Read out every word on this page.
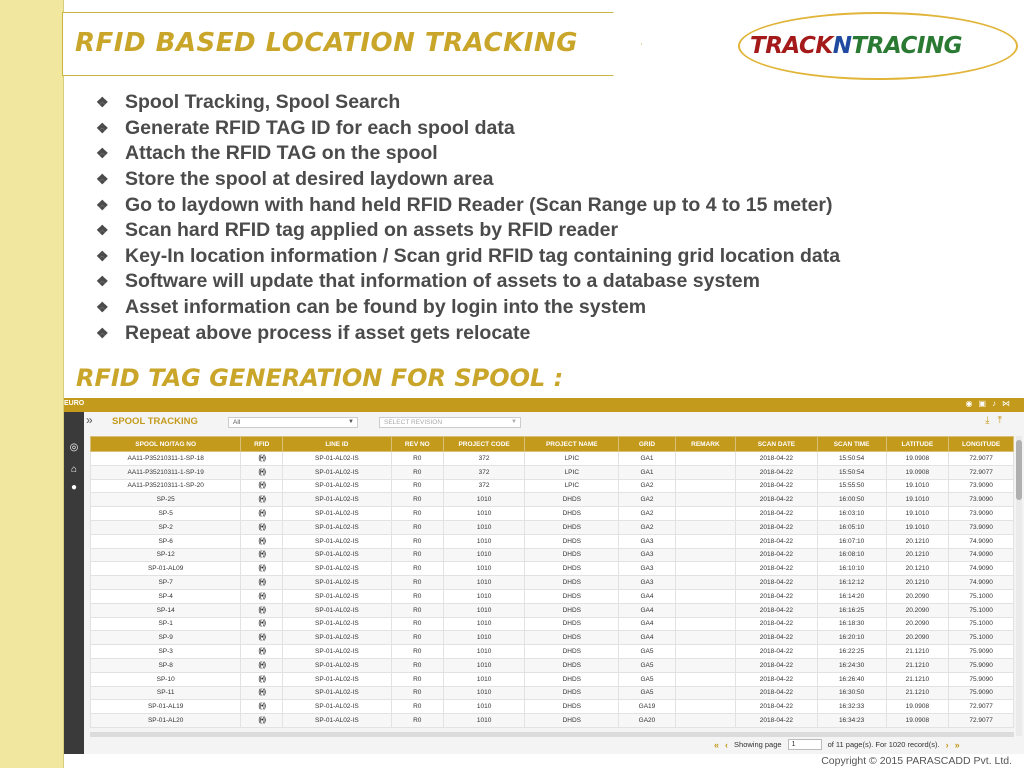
RFID BASED LOCATION TRACKING	TRACKNTRACING
❖ Spool Tracking, Spool Search
❖ Generate RFID TAG ID for each spool data
❖ Attach the RFID TAG on the spool
❖ Store the spool at desired laydown area
❖ Go to laydown with hand held RFID Reader (Scan Range up to 4 to 15 meter)
❖ Scan hard RFID tag applied on assets by RFID reader
❖ Key-In location information / Scan grid RFID tag containing grid location data
❖ Software will update that information of assets to a database system
❖ Asset information can be found by login into the system
❖ Repeat above process if asset gets relocate
RFID TAG GENERATION FOR SPOOL :
◉▣♪⋈
◎
⌂
●
EURO
» SPOOL TRACKING	All	▼	SELECT REVISION	▼	⤓⤒
SPOOL NO/TAG NO	RFID	LINE ID	REV NO	PROJECT CODE	PROJECT NAME	GRID	REMARK	SCAN DATE	SCAN TIME	LATITUDE	LONGITUDE
AA11-P35210311-1-SP-18	((•))	SP-01-AL02-IS	R0	372	LPIC	GA1		2018-04-22	15:50:54	19.0908	72.9077
AA11-P35210311-1-SP-19	((•))	SP-01-AL02-IS	R0	372	LPIC	GA1		2018-04-22	15:50:54	19.0908	72.9077
AA11-P35210311-1-SP-20	((•))	SP-01-AL02-IS	R0	372	LPIC	GA2		2018-04-22	15:55:50	19.1010	73.9090
SP-25	((•))	SP-01-AL02-IS	R0	1010	DHDS	GA2		2018-04-22	16:00:50	19.1010	73.9090
SP-5	((•))	SP-01-AL02-IS	R0	1010	DHDS	GA2		2018-04-22	16:03:10	19.1010	73.9090
SP-2	((•))	SP-01-AL02-IS	R0	1010	DHDS	GA2		2018-04-22	16:05:10	19.1010	73.9090
SP-6	((•))	SP-01-AL02-IS	R0	1010	DHDS	GA3		2018-04-22	16:07:10	20.1210	74.9090
SP-12	((•))	SP-01-AL02-IS	R0	1010	DHDS	GA3		2018-04-22	16:08:10	20.1210	74.9090
SP-01-AL09	((•))	SP-01-AL02-IS	R0	1010	DHDS	GA3		2018-04-22	16:10:10	20.1210	74.9090
SP-7	((•))	SP-01-AL02-IS	R0	1010	DHDS	GA3		2018-04-22	16:12:12	20.1210	74.9090
SP-4	((•))	SP-01-AL02-IS	R0	1010	DHDS	GA4		2018-04-22	16:14:20	20.2090	75.1000
SP-14	((•))	SP-01-AL02-IS	R0	1010	DHDS	GA4		2018-04-22	16:16:25	20.2090	75.1000
SP-1	((•))	SP-01-AL02-IS	R0	1010	DHDS	GA4		2018-04-22	16:18:30	20.2090	75.1000
SP-9	((•))	SP-01-AL02-IS	R0	1010	DHDS	GA4		2018-04-22	16:20:10	20.2090	75.1000
SP-3	((•))	SP-01-AL02-IS	R0	1010	DHDS	GA5		2018-04-22	16:22:25	21.1210	75.9090
SP-8	((•))	SP-01-AL02-IS	R0	1010	DHDS	GA5		2018-04-22	16:24:30	21.1210	75.9090
SP-10	((•))	SP-01-AL02-IS	R0	1010	DHDS	GA5		2018-04-22	16:26:40	21.1210	75.9090
SP-11	((•))	SP-01-AL02-IS	R0	1010	DHDS	GA5		2018-04-22	16:30:50	21.1210	75.9090
SP-01-AL19	((•))	SP-01-AL02-IS	R0	1010	DHDS	GA19		2018-04-22	16:32:33	19.0908	72.9077
SP-01-AL20	((•))	SP-01-AL02-IS	R0	1010	DHDS	GA20		2018-04-22	16:34:23	19.0908	72.9077
« ‹ Showing page	1	of 11 page(s). For 1020 record(s). › »
Copyright © 2015 PARASCADD Pvt. Ltd.
